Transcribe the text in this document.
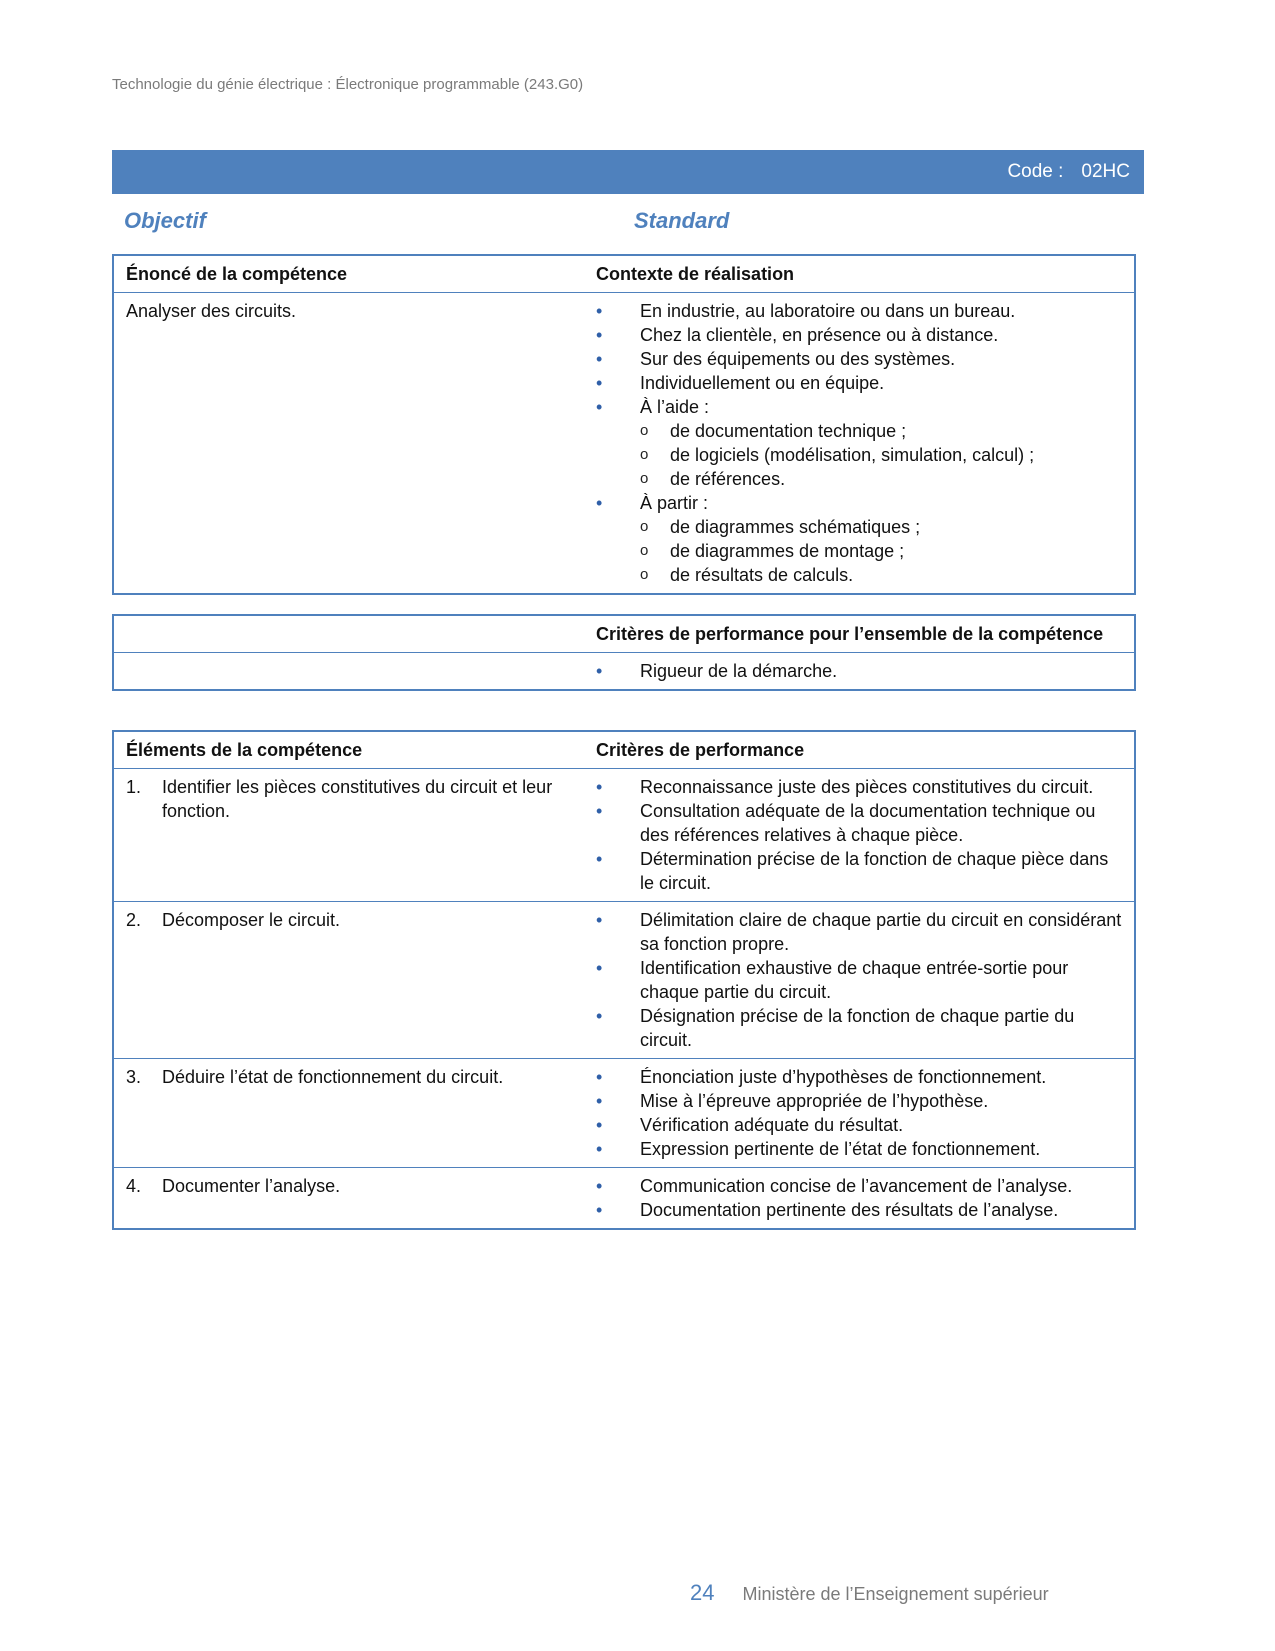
Technologie du génie électrique : Électronique programmable (243.G0)
Code : 02HC
Objectif	Standard
Énoncé de la compétence	Contexte de réalisation
Analyser des circuits.	• En industrie, au laboratoire ou dans un bureau.
• Chez la clientèle, en présence ou à distance.
• Sur des équipements ou des systèmes.
• Individuellement ou en équipe.
• À l’aide :
o de documentation technique ;
o de logiciels (modélisation, simulation, calcul) ;
o de références.
• À partir :
o de diagrammes schématiques ;
o de diagrammes de montage ;
o de résultats de calculs.
Critères de performance pour l’ensemble de la compétence
• Rigueur de la démarche.
Éléments de la compétence	Critères de performance
1.	Identifier les pièces constitutives du circuit et leur fonction.
• Reconnaissance juste des pièces constitutives du circuit.
• Consultation adéquate de la documentation technique ou des références relatives à chaque pièce.
• Détermination précise de la fonction de chaque pièce dans le circuit.
2.	Décomposer le circuit.	• Délimitation claire de chaque partie du circuit en considérant sa fonction propre.
• Identification exhaustive de chaque entrée-sortie pour chaque partie du circuit.
• Désignation précise de la fonction de chaque partie du circuit.
3.	Déduire l’état de fonctionnement du circuit.	• Énonciation juste d’hypothèses de fonctionnement.
• Mise à l’épreuve appropriée de l’hypothèse.
• Vérification adéquate du résultat.
• Expression pertinente de l’état de fonctionnement.
4.	Documenter l’analyse.	• Communication concise de l’avancement de l’analyse.
• Documentation pertinente des résultats de l’analyse.
24 Ministère de l’Enseignement supérieur
